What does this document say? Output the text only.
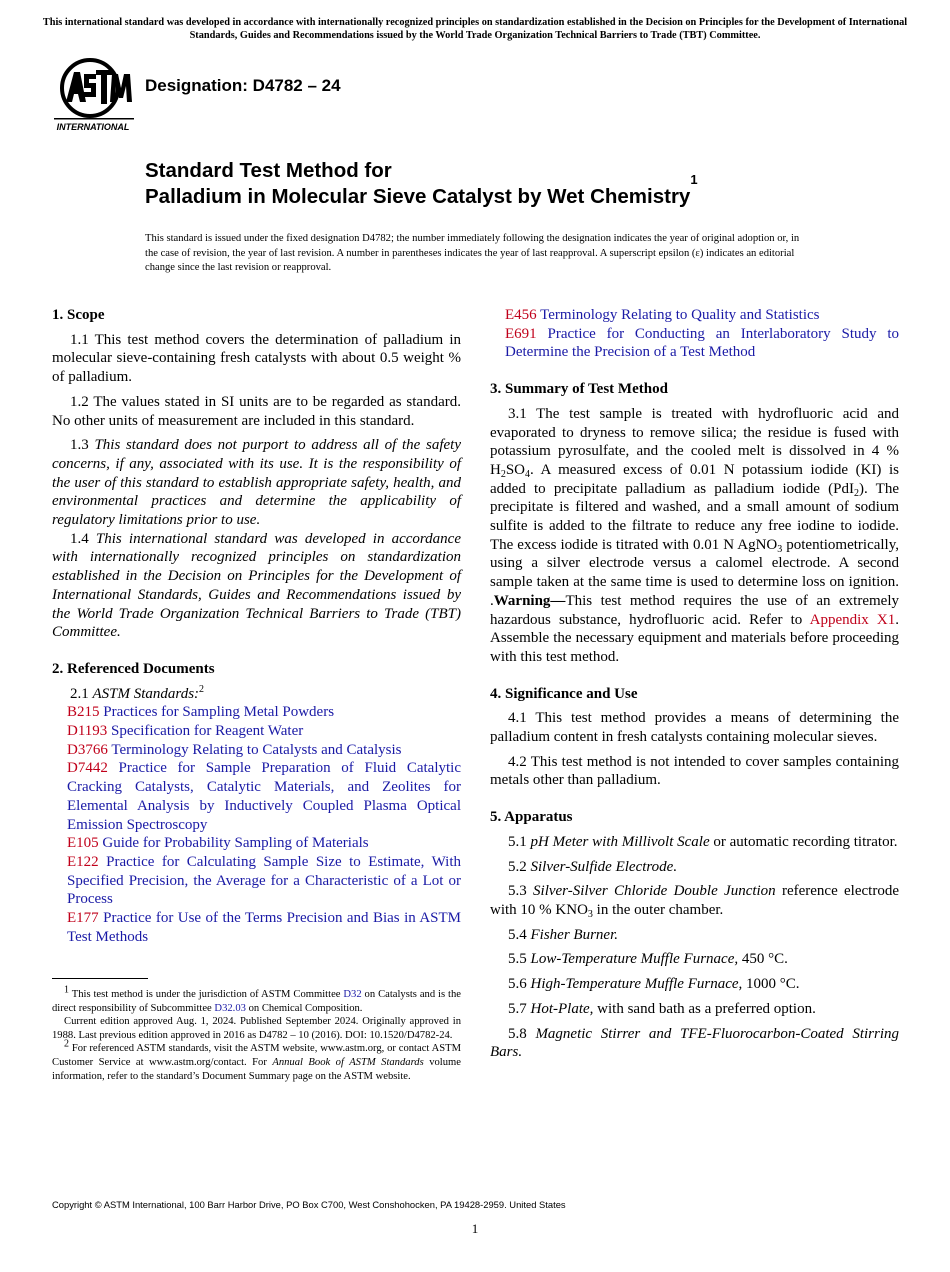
This international standard was developed in accordance with internationally recognized principles on standardization established in the Decision on Principles for the Development of International Standards, Guides and Recommendations issued by the World Trade Organization Technical Barriers to Trade (TBT) Committee.
INTERNATIONAL
Designation: D4782 – 24
Standard Test Method for
Palladium in Molecular Sieve Catalyst by Wet Chemistry$^1$
This standard is issued under the fixed designation D4782; the number immediately following the designation indicates the year of original adoption or, in the case of revision, the year of last revision. A number in parentheses indicates the year of last reapproval. A superscript epsilon (ε) indicates an editorial change since the last revision or reapproval.
1. Scope

1.1 This test method covers the determination of palladium in molecular sieve-containing fresh catalysts with about 0.5 weight % of palladium.

1.2 The values stated in SI units are to be regarded as standard. No other units of measurement are included in this standard.

1.3 This standard does not purport to address all of the safety concerns, if any, associated with its use. It is the responsibility of the user of this standard to establish appropriate safety, health, and environmental practices and determine the applicability of regulatory limitations prior to use.

1.4 This international standard was developed in accordance with internationally recognized principles on standardization established in the Decision on Principles for the Development of International Standards, Guides and Recommendations issued by the World Trade Organization Technical Barriers to Trade (TBT) Committee.

2. Referenced Documents

2.1 ASTM Standards:$^2$

B215 Practices for Sampling Metal Powders

D1193 Specification for Reagent Water

D3766 Terminology Relating to Catalysts and Catalysis

D7442 Practice for Sample Preparation of Fluid Catalytic Cracking Catalysts, Catalytic Materials, and Zeolites for Elemental Analysis by Inductively Coupled Plasma Optical Emission Spectroscopy

E105 Guide for Probability Sampling of Materials

E122 Practice for Calculating Sample Size to Estimate, With Specified Precision, the Average for a Characteristic of a Lot or Process

E177 Practice for Use of the Terms Precision and Bias in ASTM Test Methods

$^1$ This test method is under the jurisdiction of ASTM Committee D32 on Catalysts and is the direct responsibility of Subcommittee D32.03 on Chemical Composition.

Current edition approved Aug. 1, 2024. Published September 2024. Originally approved in 1988. Last previous edition approved in 2016 as D4782 – 10 (2016). DOI: 10.1520/D4782-24.

$^2$ For referenced ASTM standards, visit the ASTM website, www.astm.org, or contact ASTM Customer Service at www.astm.org/contact. For Annual Book of ASTM Standards volume information, refer to the standard’s Document Summary page on the ASTM website.

E456 Terminology Relating to Quality and Statistics

E691 Practice for Conducting an Interlaboratory Study to Determine the Precision of a Test Method

3. Summary of Test Method

3.1 The test sample is treated with hydrofluoric acid and evaporated to dryness to remove silica; the residue is fused with potassium pyrosulfate, and the cooled melt is dissolved in 4 % $H_2SO_4$. A measured excess of 0.01 N potassium iodide (KI) is added to precipitate palladium as palladium iodide (PdI$_2$). The precipitate is filtered and washed, and a small amount of sodium sulfite is added to the filtrate to reduce any free iodine to iodide. The excess iodide is titrated with 0.01 N AgNO$_3$ potentiometrically, using a silver electrode versus a calomel electrode. A second sample taken at the same time is used to determine loss on ignition. .Warning—This test method requires the use of an extremely hazardous substance, hydrofluoric acid. Refer to Appendix X1. Assemble the necessary equipment and materials before proceeding with this test method.

4. Significance and Use

4.1 This test method provides a means of determining the palladium content in fresh catalysts containing molecular sieves.

4.2 This test method is not intended to cover samples containing metals other than palladium.

5. Apparatus

5.1 pH Meter with Millivolt Scale or automatic recording titrator.

5.2 Silver-Sulfide Electrode.

5.3 Silver-Silver Chloride Double Junction reference electrode with 10 % $KNO_3$ in the outer chamber.

5.4 Fisher Burner.

5.5 Low-Temperature Muffle Furnace, 450 °C.

5.6 High-Temperature Muffle Furnace, 1000 °C.

5.7 Hot-Plate, with sand bath as a preferred option.

5.8 Magnetic Stirrer and TFE-Fluorocarbon-Coated Stirring Bars.

Copyright © ASTM International, 100 Barr Harbor Drive, PO Box C700, West Conshohocken, PA 19428-2959. United States
1
